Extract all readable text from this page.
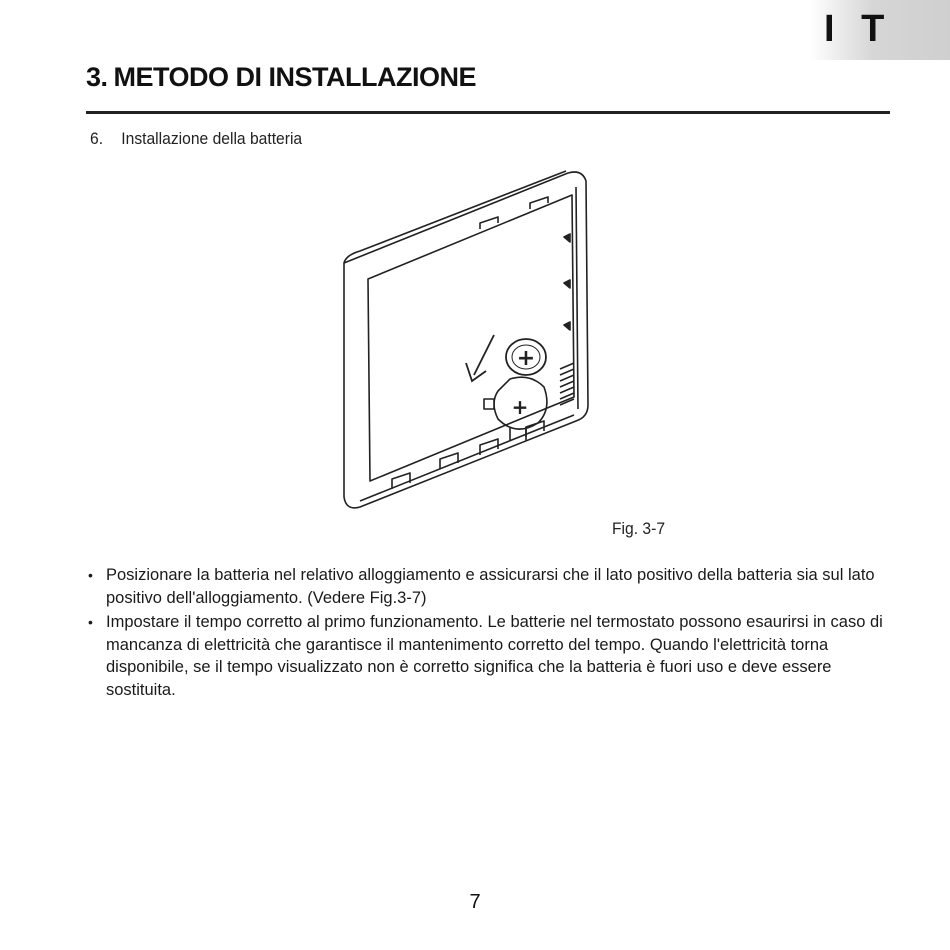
I T
3. METODO DI INSTALLAZIONE
6. Installazione della batteria
+
+
Fig. 3-7
• Posizionare la batteria nel relativo alloggiamento e assicurarsi che il lato positivo della batteria sia sul lato positivo dell'alloggiamento. (Vedere Fig.3-7)
• Impostare il tempo corretto al primo funzionamento. Le batterie nel termostato possono esaurirsi in caso di mancanza di elettricità che garantisce il mantenimento corretto del tempo. Quando l'elettricità torna disponibile, se il tempo visualizzato non è corretto significa che la batteria è fuori uso e deve essere sostituita.
7
